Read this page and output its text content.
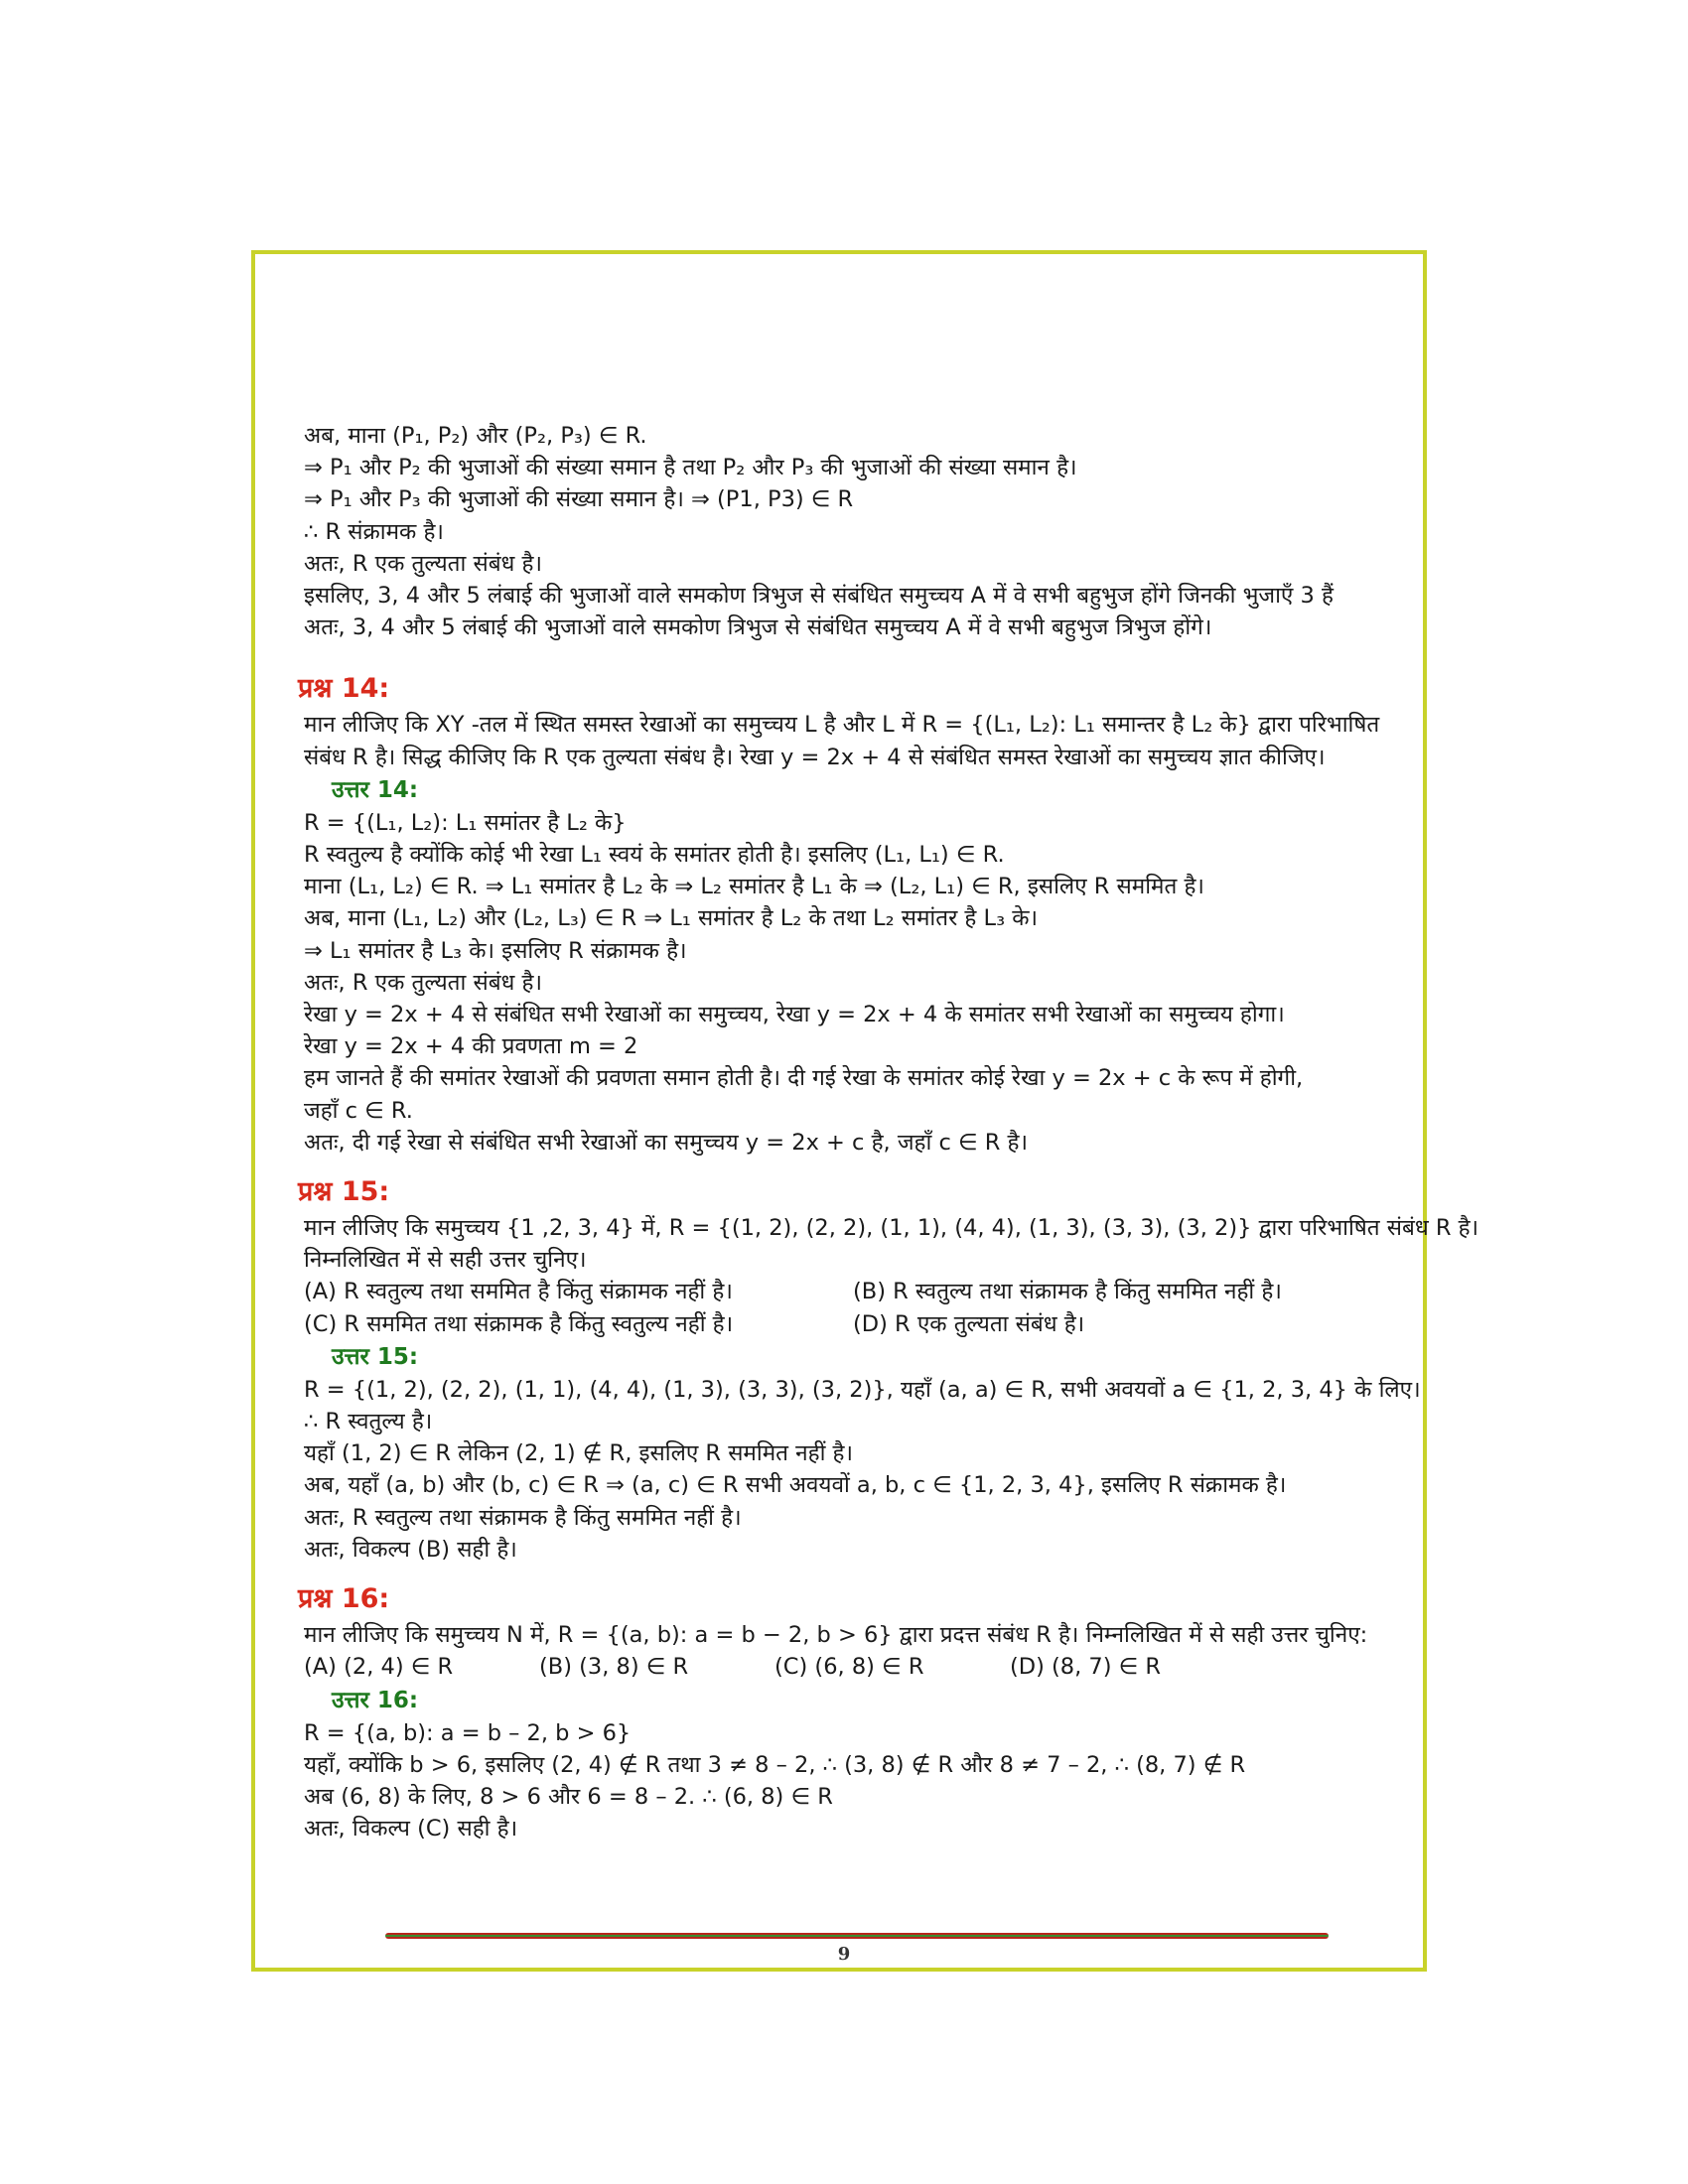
अब, माना (P₁, P₂) और (P₂, P₃) ∈ R.
⇒ P₁ और P₂ की भुजाओं की संख्या समान है तथा P₂ और P₃ की भुजाओं की संख्या समान है।
⇒ P₁ और P₃ की भुजाओं की संख्या समान है। ⇒ (P1, P3) ∈ R
∴ R संक्रामक है।
अतः, R एक तुल्यता संबंध है।
इसलिए, 3, 4 और 5 लंबाई की भुजाओं वाले समकोण त्रिभुज से संबंधित समुच्चय A में वे सभी बहुभुज होंगे जिनकी भुजाएँ 3 हैं
अतः, 3, 4 और 5 लंबाई की भुजाओं वाले समकोण त्रिभुज से संबंधित समुच्चय A में वे सभी बहुभुज त्रिभुज होंगे।
प्रश्न 14:
मान लीजिए कि XY -तल में स्थित समस्त रेखाओं का समुच्चय L है और L में R = {(L₁, L₂): L₁ समान्तर है L₂ के} द्वारा परिभाषित संबंध R है। सिद्ध कीजिए कि R एक तुल्यता संबंध है। रेखा y = 2x + 4 से संबंधित समस्त रेखाओं का समुच्चय ज्ञात कीजिए।
उत्तर 14:
R = {(L₁, L₂): L₁ समांतर है L₂ के}
R स्वतुल्य है क्योंकि कोई भी रेखा L₁ स्वयं के समांतर होती है। इसलिए (L₁, L₁) ∈ R.
माना (L₁, L₂) ∈ R. ⇒ L₁ समांतर है L₂ के ⇒ L₂ समांतर है L₁ के ⇒ (L₂, L₁) ∈ R, इसलिए R सममित है।
अब, माना (L₁, L₂) और (L₂, L₃) ∈ R ⇒ L₁ समांतर है L₂ के तथा L₂ समांतर है L₃ के।
⇒ L₁ समांतर है L₃ के। इसलिए R संक्रामक है।
अतः, R एक तुल्यता संबंध है।
रेखा y = 2x + 4 से संबंधित सभी रेखाओं का समुच्चय, रेखा y = 2x + 4 के समांतर सभी रेखाओं का समुच्चय होगा।
रेखा y = 2x + 4 की प्रवणता m = 2
हम जानते हैं की समांतर रेखाओं की प्रवणता समान होती है। दी गई रेखा के समांतर कोई रेखा y = 2x + c के रूप में होगी,
जहाँ c ∈ R.
अतः, दी गई रेखा से संबंधित सभी रेखाओं का समुच्चय y = 2x + c है, जहाँ c ∈ R है।
प्रश्न 15:
मान लीजिए कि समुच्चय {1 ,2, 3, 4} में, R = {(1, 2), (2, 2), (1, 1), (4, 4), (1, 3), (3, 3), (3, 2)} द्वारा परिभाषित संबंध R है।
निम्नलिखित में से सही उत्तर चुनिए।
(A) R स्वतुल्य तथा सममित है किंतु संक्रामक नहीं है।	(B) R स्वतुल्य तथा संक्रामक है किंतु सममित नहीं है।
(C) R सममित तथा संक्रामक है किंतु स्वतुल्य नहीं है।	(D) R एक तुल्यता संबंध है।
उत्तर 15:
R = {(1, 2), (2, 2), (1, 1), (4, 4), (1, 3), (3, 3), (3, 2)}, यहाँ (a, a) ∈ R, सभी अवयवों a ∈ {1, 2, 3, 4} के लिए।
∴ R स्वतुल्य है।
यहाँ (1, 2) ∈ R लेकिन (2, 1) ∉ R, इसलिए R सममित नहीं है।
अब, यहाँ (a, b) और (b, c) ∈ R ⇒ (a, c) ∈ R सभी अवयवों a, b, c ∈ {1, 2, 3, 4}, इसलिए R संक्रामक है।
अतः, R स्वतुल्य तथा संक्रामक है किंतु सममित नहीं है।
अतः, विकल्प (B) सही है।
प्रश्न 16:
मान लीजिए कि समुच्चय N में, R = {(a, b): a = b − 2, b > 6} द्वारा प्रदत्त संबंध R है। निम्नलिखित में से सही उत्तर चुनिए:
(A) (2, 4) ∈ R	(B) (3, 8) ∈ R	(C) (6, 8) ∈ R	(D) (8, 7) ∈ R
उत्तर 16:
R = {(a, b): a = b – 2, b > 6}
यहाँ, क्योंकि b > 6, इसलिए (2, 4) ∉ R तथा 3 ≠ 8 – 2, ∴ (3, 8) ∉ R और 8 ≠ 7 – 2, ∴ (8, 7) ∉ R
अब (6, 8) के लिए, 8 > 6 और 6 = 8 – 2. ∴ (6, 8) ∈ R
अतः, विकल्प (C) सही है।
9
